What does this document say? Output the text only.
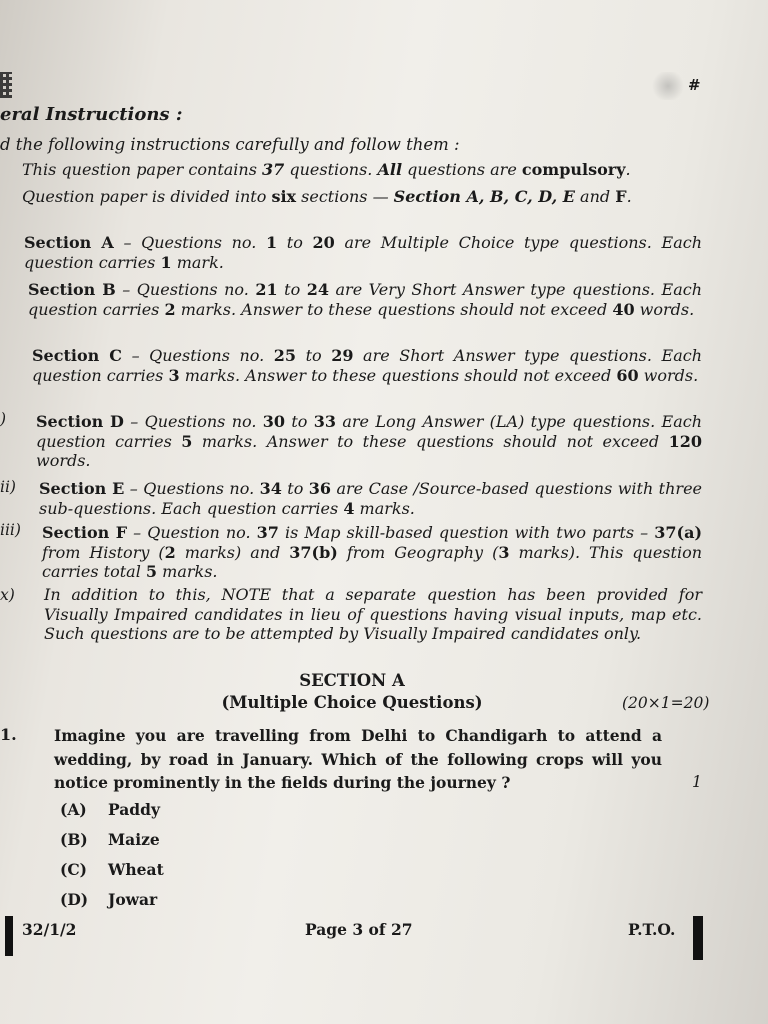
#
eral Instructions :
d the following instructions carefully and follow them :
)
ii)
iii)
x)
This question paper contains 37 questions. All questions are compulsory.
Question paper is divided into six sections — Section A, B, C, D, E and F.
Section A – Questions no. 1 to 20 are Multiple Choice type questions. Each question carries 1 mark.
Section B – Questions no. 21 to 24 are Very Short Answer type questions. Each question carries 2 marks. Answer to these questions should not exceed 40 words.
Section C – Questions no. 25 to 29 are Short Answer type questions. Each question carries 3 marks. Answer to these questions should not exceed 60 words.
Section D – Questions no. 30 to 33 are Long Answer (LA) type questions. Each question carries 5 marks. Answer to these questions should not exceed 120 words.
Section E – Questions no. 34 to 36 are Case /Source-based questions with three sub-questions. Each question carries 4 marks.
Section F – Question no. 37 is Map skill-based question with two parts – 37(a) from History (2 marks) and 37(b) from Geography (3 marks). This question carries total 5 marks.
In addition to this, NOTE that a separate question has been provided for Visually Impaired candidates in lieu of questions having visual inputs, map etc. Such questions are to be attempted by Visually Impaired candidates only.
SECTION A
(Multiple Choice Questions)	(20×1=20)
1. Imagine you are travelling from Delhi to Chandigarh to attend a wedding, by road in January. Which of the following crops will you notice prominently in the fields during the journey ?	1
(A) Paddy
(B) Maize
(C) Wheat
(D) Jowar
32/1/2	Page 3 of 27	P.T.O.
